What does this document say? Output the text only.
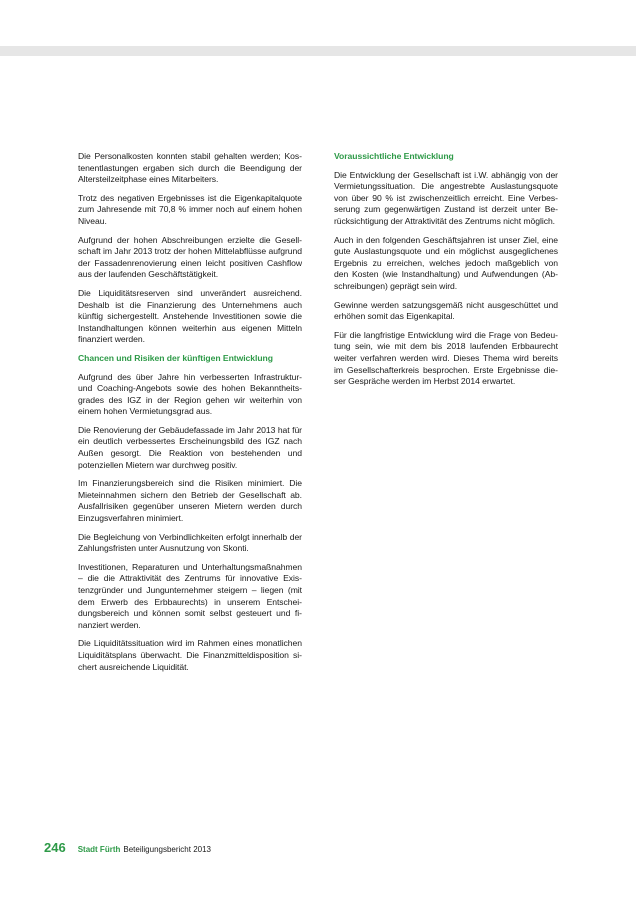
Die Personalkosten konnten stabil gehalten werden; Kostenentlastungen ergaben sich durch die Beendigung der Altersteilzeitphase eines Mitarbeiters.

Trotz des negativen Ergebnisses ist die Eigenkapitalquote zum Jahresende mit 70,8 % immer noch auf einem hohen Niveau.

Aufgrund der hohen Abschreibungen erzielte die Gesellschaft im Jahr 2013 trotz der hohen Mittelabflüsse aufgrund der Fassadenrenovierung einen leicht positiven Cashflow aus der laufenden Geschäftstätigkeit.

Die Liquiditätsreserven sind unverändert ausreichend. Deshalb ist die Finanzierung des Unternehmens auch künftig sichergestellt. Anstehende Investitionen sowie die Instandhaltungen können weiterhin aus eigenen Mitteln finanziert werden.

Chancen und Risiken der künftigen Entwicklung

Aufgrund des über Jahre hin verbesserten Infrastruktur- und Coaching-Angebots sowie des hohen Bekanntheitsgrades des IGZ in der Region gehen wir weiterhin von einem hohen Vermietungsgrad aus.

Die Renovierung der Gebäudefassade im Jahr 2013 hat für ein deutlich verbessertes Erscheinungsbild des IGZ nach Außen gesorgt. Die Reaktion von bestehenden und potenziellen Mietern war durchweg positiv.

Im Finanzierungsbereich sind die Risiken minimiert. Die Mieteinnahmen sichern den Betrieb der Gesellschaft ab. Ausfallrisiken gegenüber unseren Mietern werden durch Einzugsverfahren minimiert.

Die Begleichung von Verbindlichkeiten erfolgt innerhalb der Zahlungsfristen unter Ausnutzung von Skonti.

Investitionen, Reparaturen und Unterhaltungsmaßnahmen – die die Attraktivität des Zentrums für innovative Existenzgründer und Jungunternehmer steigern – liegen (mit dem Erwerb des Erbbaurechts) in unserem Entscheidungsbereich und können somit selbst gesteuert und finanziert werden.

Die Liquiditätssituation wird im Rahmen eines monatlichen Liquiditätsplans überwacht. Die Finanzmitteldisposition sichert ausreichende Liquidität.

Voraussichtliche Entwicklung

Die Entwicklung der Gesellschaft ist i.W. abhängig von der Vermietungssituation. Die angestrebte Auslastungsquote von über 90 % ist zwischenzeitlich erreicht. Eine Verbesserung zum gegenwärtigen Zustand ist derzeit unter Berücksichtigung der Attraktivität des Zentrums nicht möglich.

Auch in den folgenden Geschäftsjahren ist unser Ziel, eine gute Auslastungsquote und ein möglichst ausgeglichenes Ergebnis zu erreichen, welches jedoch maßgeblich von den Kosten (wie Instandhaltung) und Aufwendungen (Abschreibungen) geprägt sein wird.

Gewinne werden satzungsgemäß nicht ausgeschüttet und erhöhen somit das Eigenkapital.

Für die langfristige Entwicklung wird die Frage von Bedeutung sein, wie mit dem bis 2018 laufenden Erbbaurecht weiter verfahren werden wird. Dieses Thema wird bereits im Gesellschafterkreis besprochen. Erste Ergebnisse dieser Gespräche werden im Herbst 2014 erwartet.

246 Stadt Fürth Beteiligungsbericht 2013
